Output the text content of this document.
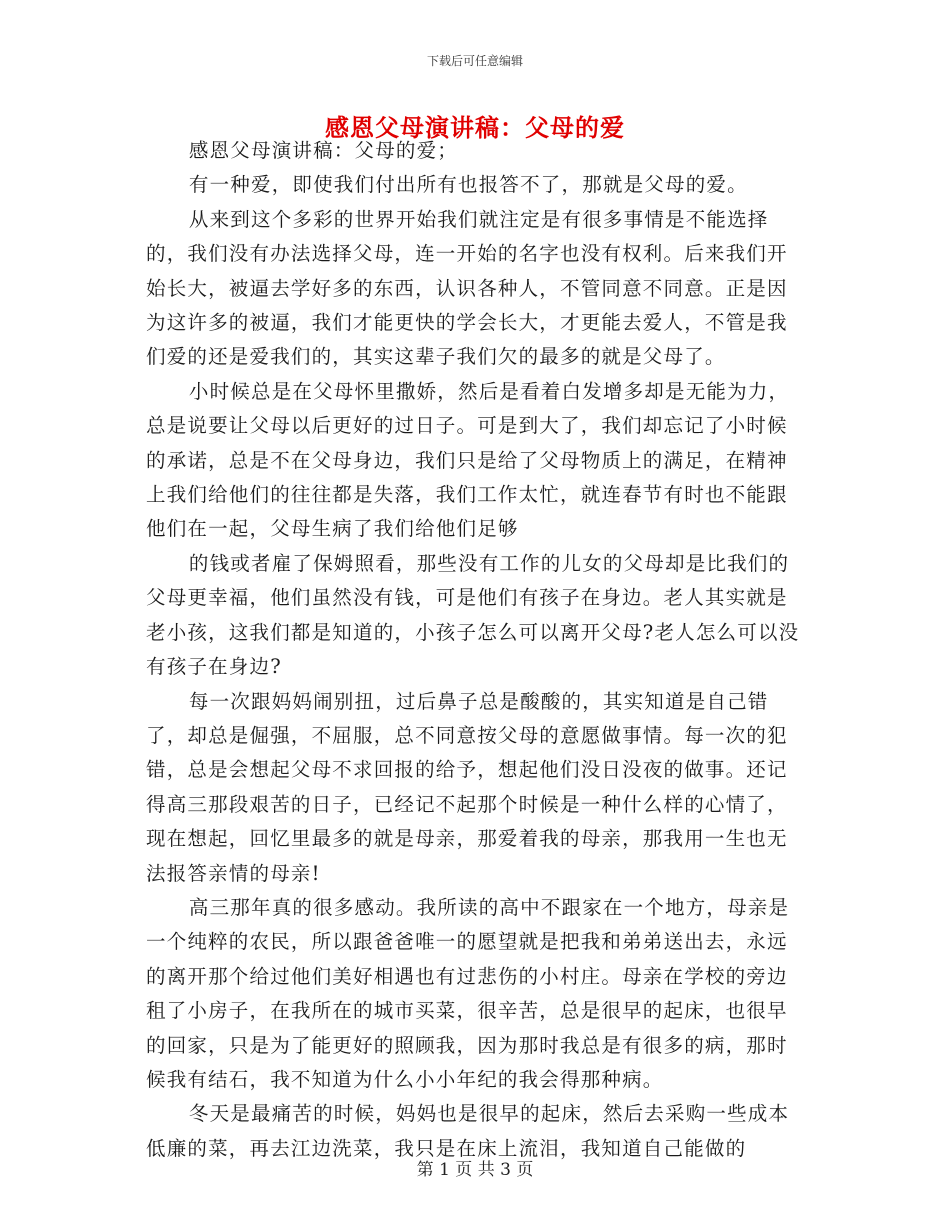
下载后可任意编辑
感恩父母演讲稿：父母的爱

感恩父母演讲稿：父母的爱；

有一种爱，即使我们付出所有也报答不了，那就是父母的爱。

从来到这个多彩的世界开始我们就注定是有很多事情是不能选择的，我们没有办法选择父母，连一开始的名字也没有权利。后来我们开始长大，被逼去学好多的东西，认识各种人，不管同意不同意。正是因为这许多的被逼，我们才能更快的学会长大，才更能去爱人，不管是我们爱的还是爱我们的，其实这辈子我们欠的最多的就是父母了。

小时候总是在父母怀里撒娇，然后是看着白发增多却是无能为力，总是说要让父母以后更好的过日子。可是到大了，我们却忘记了小时候的承诺，总是不在父母身边，我们只是给了父母物质上的满足，在精神上我们给他们的往往都是失落，我们工作太忙，就连春节有时也不能跟他们在一起，父母生病了我们给他们足够

的钱或者雇了保姆照看，那些没有工作的儿女的父母却是比我们的父母更幸福，他们虽然没有钱，可是他们有孩子在身边。老人其实就是老小孩，这我们都是知道的，小孩子怎么可以离开父母?老人怎么可以没有孩子在身边?

每一次跟妈妈闹别扭，过后鼻子总是酸酸的，其实知道是自己错了，却总是倔强，不屈服，总不同意按父母的意愿做事情。每一次的犯错，总是会想起父母不求回报的给予，想起他们没日没夜的做事。还记得高三那段艰苦的日子，已经记不起那个时候是一种什么样的心情了，现在想起，回忆里最多的就是母亲，那爱着我的母亲，那我用一生也无法报答亲情的母亲!

高三那年真的很多感动。我所读的高中不跟家在一个地方，母亲是一个纯粹的农民，所以跟爸爸唯一的愿望就是把我和弟弟送出去，永远的离开那个给过他们美好相遇也有过悲伤的小村庄。母亲在学校的旁边租了小房子，在我所在的城市买菜，很辛苦，总是很早的起床，也很早的回家，只是为了能更好的照顾我，因为那时我总是有很多的病，那时候我有结石，我不知道为什么小小年纪的我会得那种病。

冬天是最痛苦的时候，妈妈也是很早的起床，然后去采购一些成本低廉的菜，再去江边洗菜，我只是在床上流泪，我知道自己能做的

第 1 页 共 3 页
